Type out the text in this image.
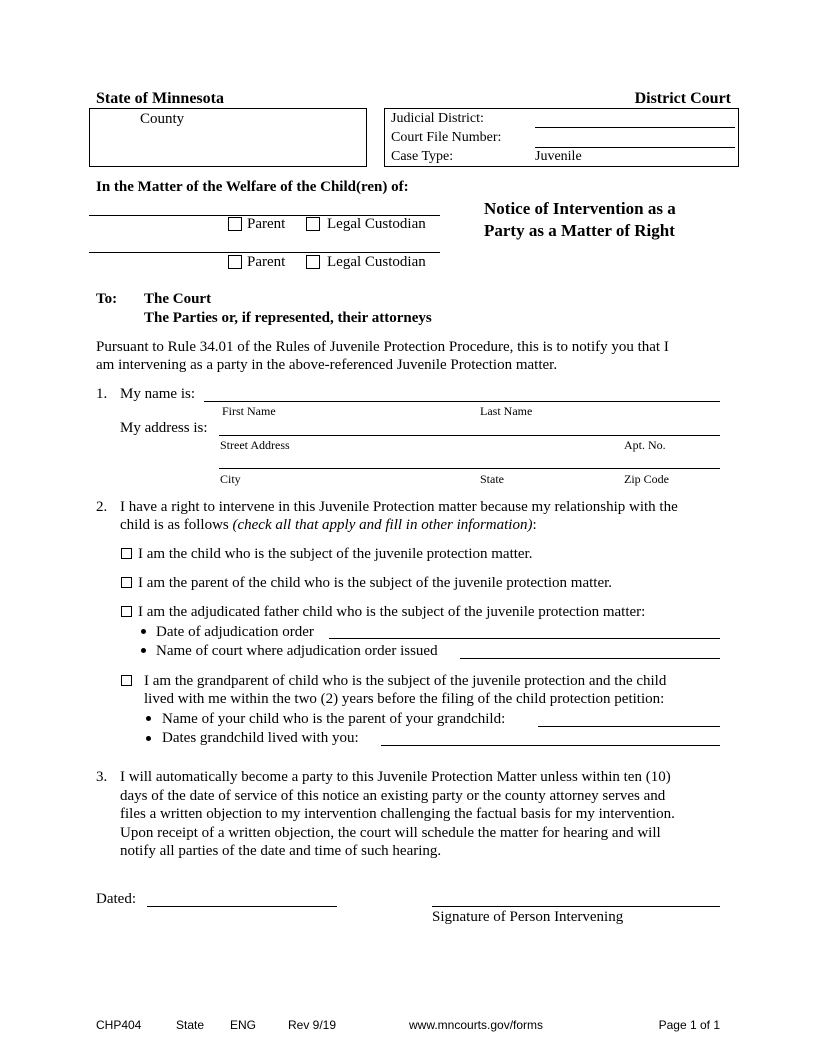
State of Minnesota	District Court
County	Judicial District:
Court File Number:
Case Type:	Juvenile
In the Matter of the Welfare of the Child(ren) of:
Parent	Legal Custodian
Parent	Legal Custodian
Notice of Intervention as a
Party as a Matter of Right
To: The Court
The Parties or, if represented, their attorneys
Pursuant to Rule 34.01 of the Rules of Juvenile Protection Procedure, this is to notify you that I
am intervening as a party in the above-referenced Juvenile Protection matter.
1. My name is:
First Name	Last Name
My address is:
Street Address	Apt. No.
City	State	Zip Code
2. I have a right to intervene in this Juvenile Protection matter because my relationship with the
child is as follows (check all that apply and fill in other information):
I am the child who is the subject of the juvenile protection matter.
I am the parent of the child who is the subject of the juvenile protection matter.
I am the adjudicated father child who is the subject of the juvenile protection matter:
Date of adjudication order
Name of court where adjudication order issued
I am the grandparent of child who is the subject of the juvenile protection and the child
lived with me within the two (2) years before the filing of the child protection petition:
Name of your child who is the parent of your grandchild:
Dates grandchild lived with you:
3. I will automatically become a party to this Juvenile Protection Matter unless within ten (10)
days of the date of service of this notice an existing party or the county attorney serves and
files a written objection to my intervention challenging the factual basis for my intervention.
Upon receipt of a written objection, the court will schedule the matter for hearing and will
notify all parties of the date and time of such hearing.
Dated:
Signature of Person Intervening
CHP404	State ENG	Rev 9/19	www.mncourts.gov/forms	Page 1 of 1
